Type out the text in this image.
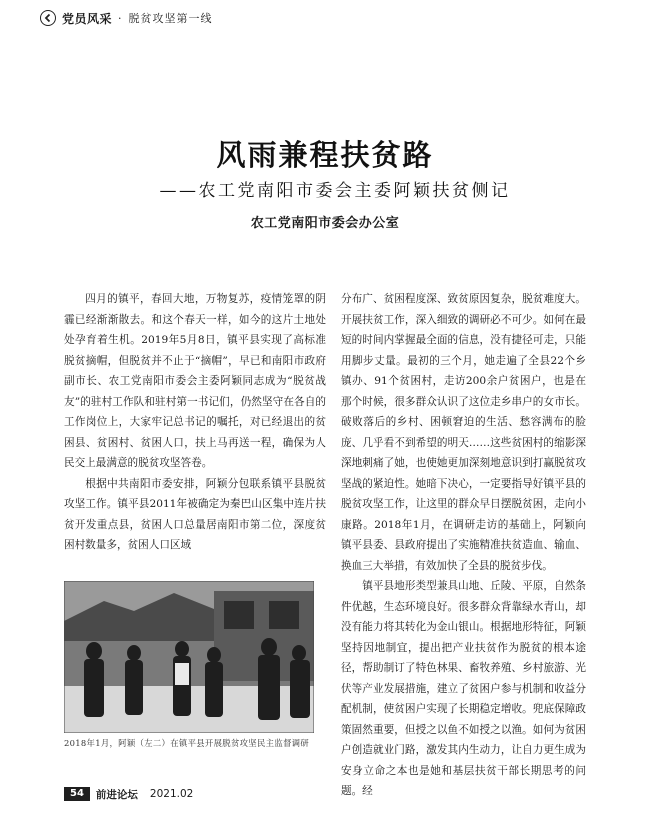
党员风采 · 脱贫攻坚第一线
风雨兼程扶贫路
——农工党南阳市委会主委阿颖扶贫侧记
农工党南阳市委会办公室

四月的镇平，春回大地，万物复苏，疫情笼罩的阴霾已经渐渐散去。和这个春天一样，如今的这片土地处处孕育着生机。2019年5月8日，镇平县实现了高标准脱贫摘帽，但脱贫并不止于“摘帽”，早已和南阳市政府副市长、农工党南阳市委会主委阿颖同志成为“脱贫战友”的驻村工作队和驻村第一书记们，仍然坚守在各自的工作岗位上，大家牢记总书记的嘱托，对已经退出的贫困县、贫困村、贫困人口，扶上马再送一程，确保为人民交上最满意的脱贫攻坚答卷。

根据中共南阳市委安排，阿颖分包联系镇平县脱贫攻坚工作。镇平县2011年被确定为秦巴山区集中连片扶贫开发重点县，贫困人口总量居南阳市第二位，深度贫困村数量多，贫困人口区域

分布广、贫困程度深、致贫原因复杂，脱贫难度大。开展扶贫工作，深入细致的调研必不可少。如何在最短的时间内掌握最全面的信息，没有捷径可走，只能用脚步丈量。最初的三个月，她走遍了全县22个乡镇办、91个贫困村，走访200余户贫困户，也是在那个时候，很多群众认识了这位走乡串户的女市长。破败落后的乡村、困顿窘迫的生活、愁容满布的脸庞、几乎看不到希望的明天……这些贫困村的缩影深深地刺痛了她，也使她更加深刻地意识到打赢脱贫攻坚战的紧迫性。她暗下决心，一定要指导好镇平县的脱贫攻坚工作，让这里的群众早日摆脱贫困，走向小康路。2018年1月，在调研走访的基础上，阿颖向镇平县委、县政府提出了实施精准扶贫造血、输血、换血三大举措，有效加快了全县的脱贫步伐。

镇平县地形类型兼具山地、丘陵、平原，自然条件优越，生态环境良好。很多群众背靠绿水青山，却没有能力将其转化为金山银山。根据地形特征，阿颖坚持因地制宜，提出把产业扶贫作为脱贫的根本途径，帮助制订了特色林果、畜牧养殖、乡村旅游、光伏等产业发展措施，建立了贫困户参与机制和收益分配机制，使贫困户实现了长期稳定增收。兜底保障政策固然重要，但授之以鱼不如授之以渔。如何为贫困户创造就业门路，激发其内生动力，让自力更生成为安身立命之本也是她和基层扶贫干部长期思考的问题。经

2018年1月，阿颖（左二）在镇平县开展脱贫攻坚民主监督调研
54	前进论坛 2021.02
